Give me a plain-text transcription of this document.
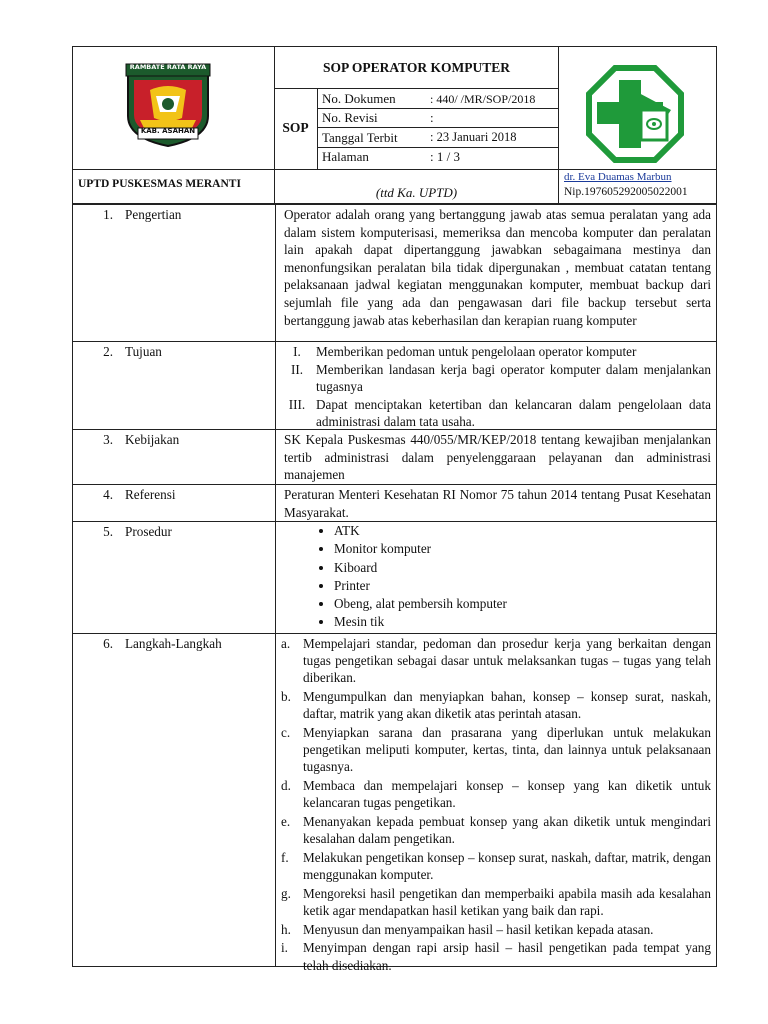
RAMBATE RATA RAYA
KAB. ASAHAN
SOP OPERATOR KOMPUTER
SOP
No. Dokumen	: 440/ /MR/SOP/2018
No. Revisi	:
Tanggal Terbit	: 23 Januari 2018
Halaman	: 1 / 3
UPTD PUSKESMAS MERANTI
(ttd Ka. UPTD)
dr. Eva Duamas Marbun
Nip.197605292005022001
1. Pengertian	Operator adalah orang yang bertanggung jawab atas semua peralatan yang ada dalam sistem komputerisasi, memeriksa dan mencoba komputer dan peralatan lain apakah dapat dipertanggung jawabkan sebagaimana mestinya dan menonfungsikan peralatan bila tidak dipergunakan , membuat catatan tentang pelaksanaan jadwal kegiatan menggunakan komputer, membuat backup dari sejumlah file yang ada dan pengawasan dari file backup tersebut serta bertanggung jawab atas keberhasilan dan kerapian ruang komputer
2. Tujuan	I.	Memberikan pedoman untuk pengelolaan operator komputer
II. Memberikan landasan kerja bagi operator komputer dalam menjalankan tugasnya
III. Dapat menciptakan ketertiban dan kelancaran dalam pengelolaan data administrasi dalam tata usaha.
3. Kebijakan	SK Kepala Puskesmas 440/055/MR/KEP/2018 tentang kewajiban menjalankan tertib administrasi dalam penyelenggaraan pelayanan dan administrasi manajemen
4. Referensi	Peraturan Menteri Kesehatan RI Nomor 75 tahun 2014 tentang Pusat Kesehatan Masyarakat.
5. Prosedur
•	ATK
• Monitor komputer
• Kiboard
• Printer
• Obeng, alat pembersih komputer
• Mesin tik
6. Langkah-Langkah	a. Mempelajari standar, pedoman dan prosedur kerja yang berkaitan dengan tugas pengetikan sebagai dasar untuk melaksankan tugas – tugas yang telah diberikan.
b. Mengumpulkan dan menyiapkan bahan, konsep – konsep surat, naskah, daftar, matrik yang akan diketik atas perintah atasan.
c. Menyiapkan sarana dan prasarana yang diperlukan untuk melakukan pengetikan meliputi komputer, kertas, tinta, dan lainnya untuk pelaksanaan tugasnya.
d. Membaca dan mempelajari konsep – konsep yang kan diketik untuk kelancaran tugas pengetikan.
e. Menanyakan kepada pembuat konsep yang akan diketik untuk mengindari kesalahan dalam pengetikan.
f.	Melakukan pengetikan konsep – konsep surat, naskah, daftar, matrik, dengan menggunakan komputer.
g. Mengoreksi hasil pengetikan dan memperbaiki apabila masih ada kesalahan ketik agar mendapatkan hasil ketikan yang baik dan rapi.
h. Menyusun dan menyampaikan hasil – hasil ketikan kepada atasan.
i.	Menyimpan dengan rapi arsip hasil – hasil pengetikan pada tempat yang telah disediakan.
